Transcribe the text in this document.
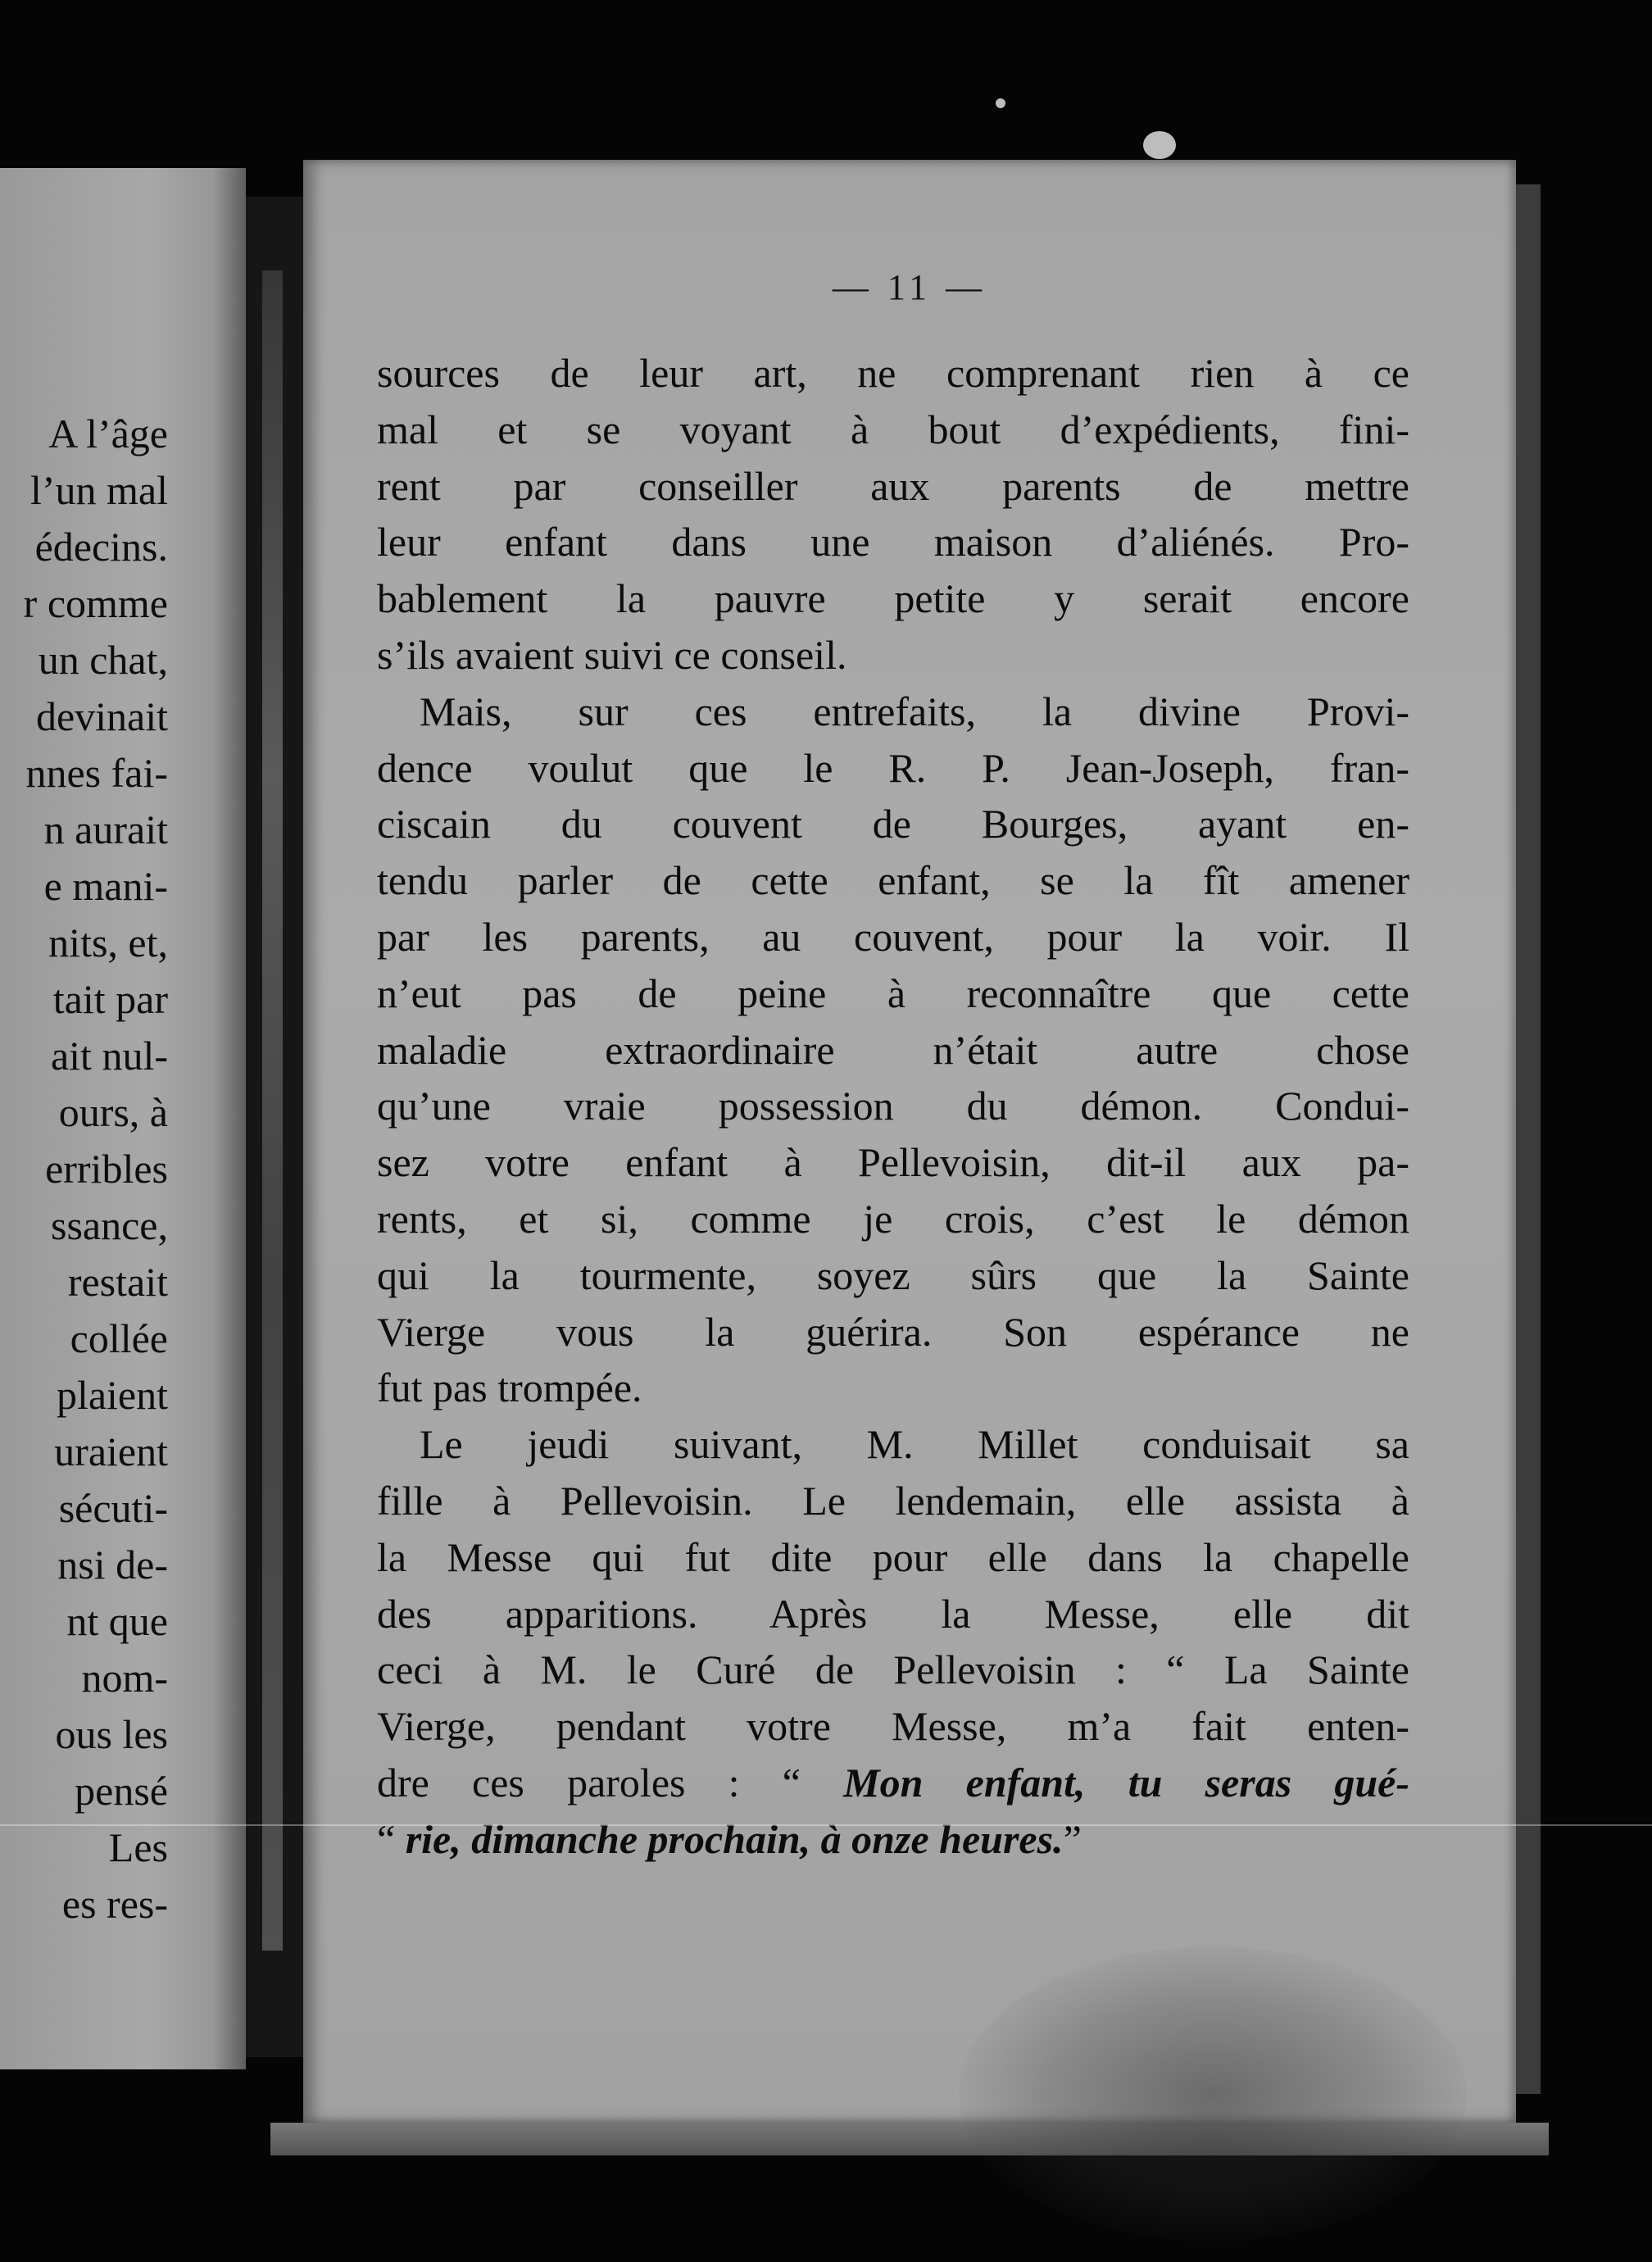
A l’âge
l’un mal
édecins.
r comme
un chat,
devinait
nnes fai-
n aurait
e mani-
nits, et,
tait par
ait nul-
ours, à
erribles
ssance,
restait
collée
plaient
uraient
sécuti-
nsi de-
nt que
nom-
ous les
pensé
Les
es res-
— 11 —
sources de leur art, ne comprenant rien à ce
mal et se voyant à bout d’expédients, fini-
rent par conseiller aux parents de mettre
leur enfant dans une maison d’aliénés. Pro-
bablement la pauvre petite y serait encore
s’ils avaient suivi ce conseil.
Mais, sur ces entrefaits, la divine Provi-
dence voulut que le R. P. Jean-Joseph, fran-
ciscain du couvent de Bourges, ayant en-
tendu parler de cette enfant, se la fît amener
par les parents, au couvent, pour la voir. Il
n’eut pas de peine à reconnaître que cette
maladie extraordinaire n’était autre chose
qu’une vraie possession du démon. Condui-
sez votre enfant à Pellevoisin, dit-il aux pa-
rents, et si, comme je crois, c’est le démon
qui la tourmente, soyez sûrs que la Sainte
Vierge vous la guérira. Son espérance ne
fut pas trompée.
Le jeudi suivant, M. Millet conduisait sa
fille à Pellevoisin. Le lendemain, elle assista à
la Messe qui fut dite pour elle dans la chapelle
des apparitions. Après la Messe, elle dit
ceci à M. le Curé de Pellevoisin : “ La Sainte
Vierge, pendant votre Messe, m’a fait enten-
dre ces paroles : “ Mon enfant, tu seras gué-
“ rie, dimanche prochain, à onze heures.”
